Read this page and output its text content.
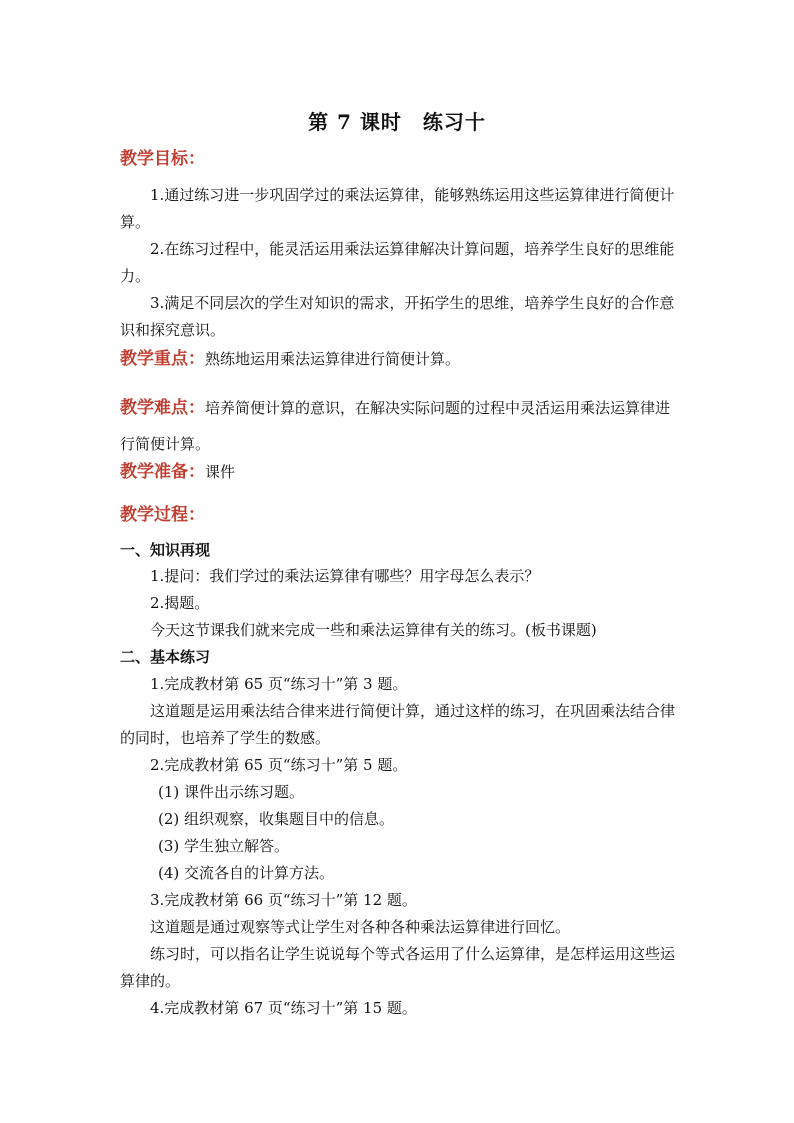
第 7 课时　练习十
教学目标：
1.通过练习进一步巩固学过的乘法运算律，能够熟练运用这些运算律进行简便计算。
2.在练习过程中，能灵活运用乘法运算律解决计算问题，培养学生良好的思维能力。
3.满足不同层次的学生对知识的需求，开拓学生的思维，培养学生良好的合作意识和探究意识。
教学重点：熟练地运用乘法运算律进行简便计算。
教学难点：培养简便计算的意识，在解决实际问题的过程中灵活运用乘法运算律进行简便计算。
教学准备：课件
教学过程：
一、知识再现
1.提问：我们学过的乘法运算律有哪些？用字母怎么表示？
2.揭题。
今天这节课我们就来完成一些和乘法运算律有关的练习。(板书课题)
二、基本练习
1.完成教材第 65 页“练习十”第 3 题。
这道题是运用乘法结合律来进行简便计算，通过这样的练习，在巩固乘法结合律的同时，也培养了学生的数感。
2.完成教材第 65 页“练习十”第 5 题。
(1) 课件出示练习题。
(2) 组织观察，收集题目中的信息。
(3) 学生独立解答。
(4) 交流各自的计算方法。
3.完成教材第 66 页“练习十”第 12 题。
这道题是通过观察等式让学生对各种各种乘法运算律进行回忆。
练习时，可以指名让学生说说每个等式各运用了什么运算律，是怎样运用这些运算律的。
4.完成教材第 67 页“练习十”第 15 题。
